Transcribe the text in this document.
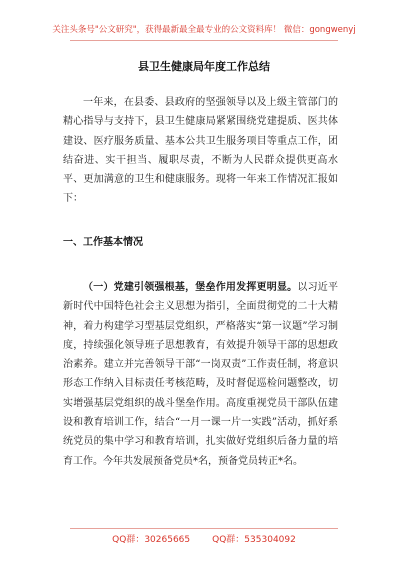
关注头条号"公文研究"，获得最新最全最专业的公文资料库！ 微信：gongwenyj
县卫生健康局年度工作总结

一年来，在县委、县政府的坚强领导以及上级主管部门的精心指导与支持下，县卫生健康局紧紧围绕党建提质、医共体建设、医疗服务质量、基本公共卫生服务项目等重点工作，团结奋进、实干担当、履职尽责，不断为人民群众提供更高水平、更加满意的卫生和健康服务。现将一年来工作情况汇报如下：

一、工作基本情况

（一）党建引领强根基，堡垒作用发挥更明显。以习近平新时代中国特色社会主义思想为指引，全面贯彻党的二十大精神，着力构建学习型基层党组织，严格落实“第一议题”学习制度，持续强化领导班子思想教育，有效提升领导干部的思想政治素养。建立并完善领导干部“一岗双责”工作责任制，将意识形态工作纳入目标责任考核范畴，及时督促巡检问题整改，切实增强基层党组织的战斗堡垒作用。高度重视党员干部队伍建设和教育培训工作，结合“一月一课一片一实践”活动，抓好系统党员的集中学习和教育培训，扎实做好党组织后备力量的培育工作。今年共发展预备党员*名，预备党员转正*名。

QQ群：30265665 QQ群：535304092
